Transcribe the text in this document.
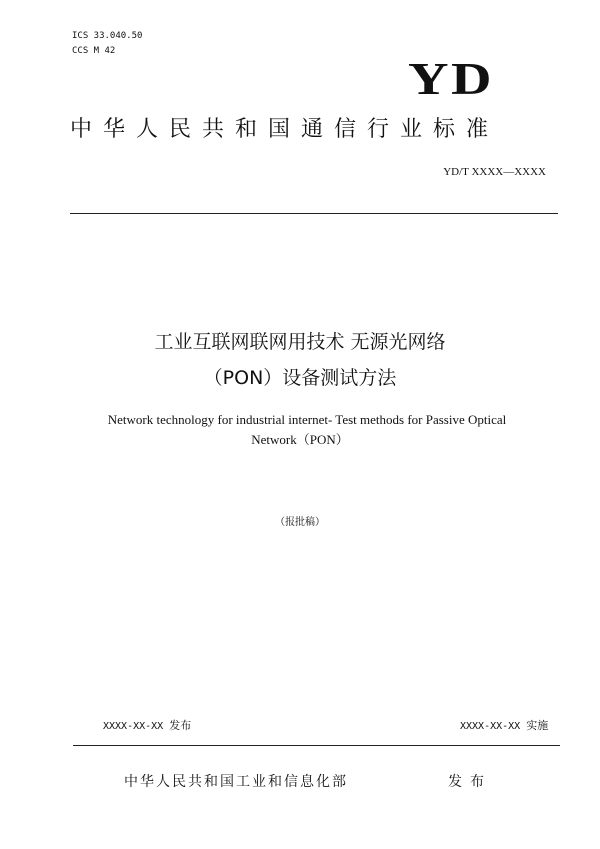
ICS 33.040.50
CCS M 42
YD
中华人民共和国通信行业标准
YD/T XXXX—XXXX
工业互联网联网用技术 无源光网络
（PON）设备测试方法
Network technology for industrial internet- Test methods for Passive Optical
Network（PON）
（报批稿）
XXXX-XX-XX 发布	XXXX-XX-XX 实施
中华人民共和国工业和信息化部	发布
